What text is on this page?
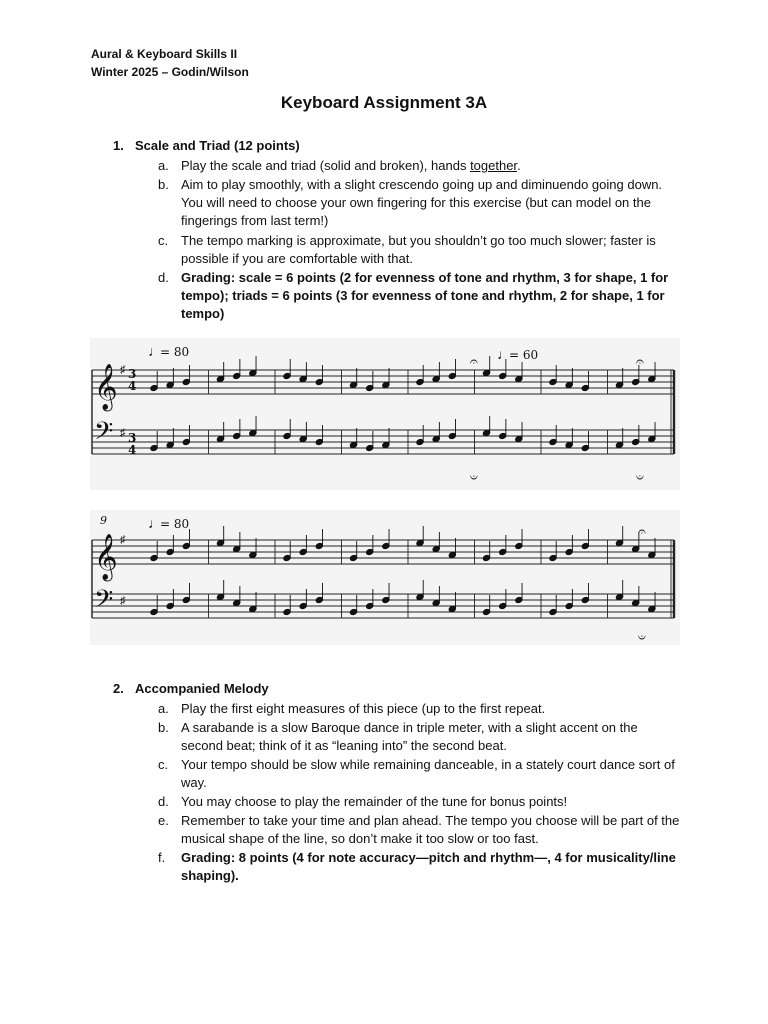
Aural & Keyboard Skills II
Winter 2025 – Godin/Wilson
Keyboard Assignment 3A
1. Scale and Triad (12 points)
a. Play the scale and triad (solid and broken), hands together.
b. Aim to play smoothly, with a slight crescendo going up and diminuendo going down. You will need to choose your own fingering for this exercise (but can model on the fingerings from last term!)
c. The tempo marking is approximate, but you shouldn’t go too much slower; faster is possible if you are comfortable with that.
d. Grading: scale = 6 points (2 for evenness of tone and rhythm, 3 for shape, 1 for tempo); triads = 6 points (3 for evenness of tone and rhythm, 2 for shape, 1 for tempo)
♩
= 80	♩
= 60
𝄞
𝄢
♯
♯
3
4
3
4
𝄐	𝄐
𝄑	𝄑
9	♩
= 80
𝄞
𝄢
♯
♯
𝄐
𝄑
2. Accompanied Melody
a. Play the first eight measures of this piece (up to the first repeat.
b. A sarabande is a slow Baroque dance in triple meter, with a slight accent on the second beat; think of it as “leaning into” the second beat.
c. Your tempo should be slow while remaining danceable, in a stately court dance sort of way.
d. You may choose to play the remainder of the tune for bonus points!
e. Remember to take your time and plan ahead. The tempo you choose will be part of the musical shape of the line, so don’t make it too slow or too fast.
f.	Grading: 8 points (4 for note accuracy—pitch and rhythm—, 4 for musicality/line shaping).
